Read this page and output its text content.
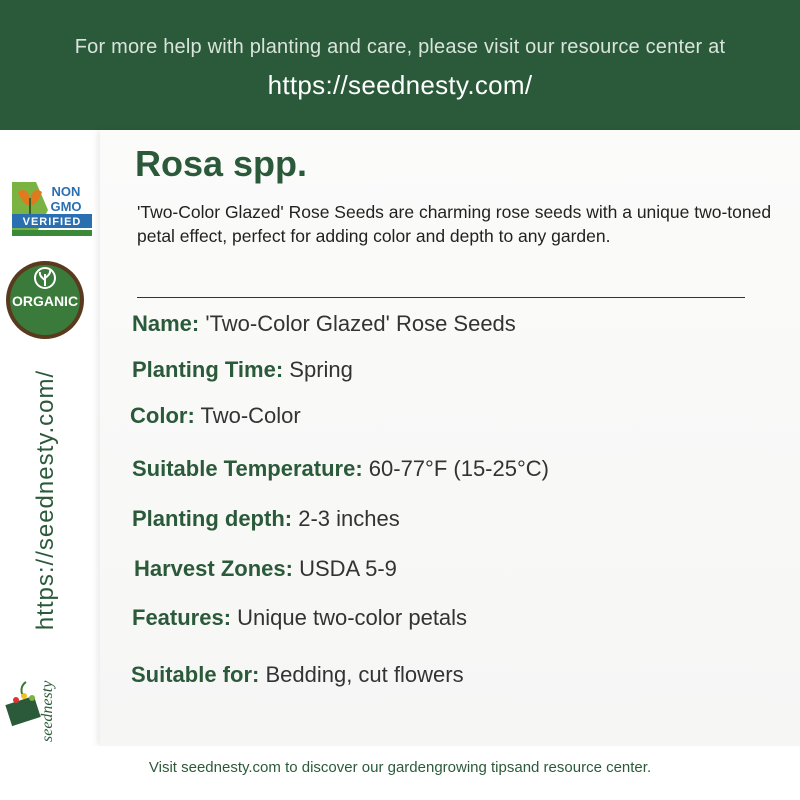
For more help with planting and care, please visit our resource center at
https://seednesty.com/
NON
GMO
VERIFIED
ORGANIC
https://seednesty.com/
seednesty
Rosa spp.
'Two-Color Glazed' Rose Seeds are charming rose seeds with a unique two-toned petal effect, perfect for adding color and depth to any garden.
Name: 'Two-Color Glazed' Rose Seeds
Planting Time: Spring
Color: Two-Color
Suitable Temperature: 60-77°F (15-25°C)
Planting depth: 2-3 inches
Harvest Zones: USDA 5-9
Features: Unique two-color petals
Suitable for: Bedding, cut flowers
Visit seednesty.com to discover our gardengrowing tipsand resource center.
